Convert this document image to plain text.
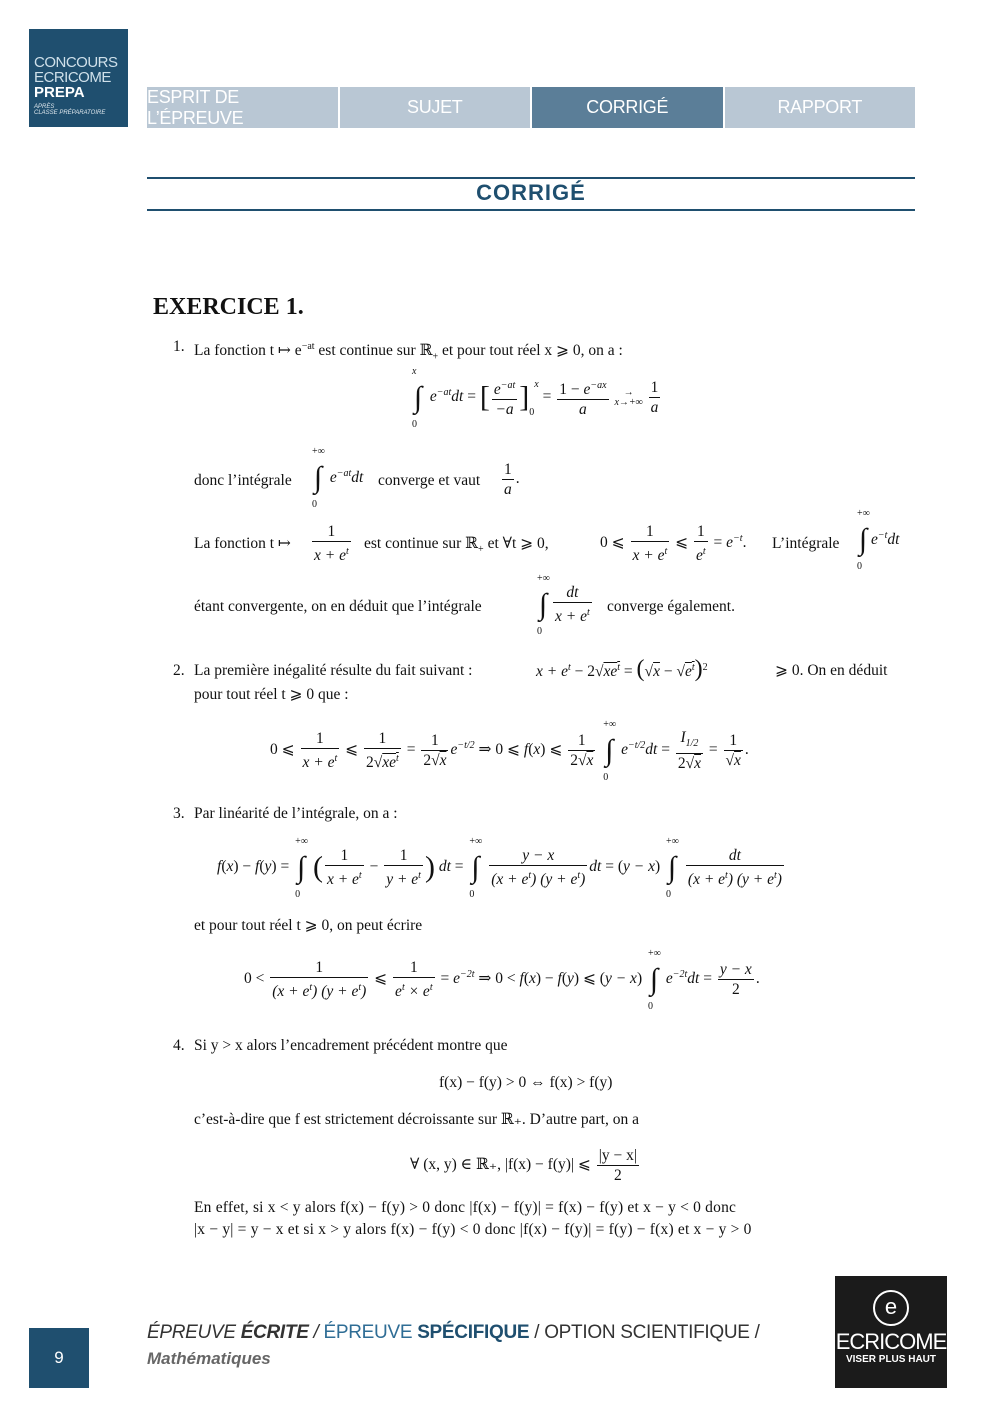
CONCOURS
ECRICOME
PREPA
APRÈS
CLASSE PRÉPARATOIRE
ESPRIT DE L’ÉPREUVE
SUJET	CORRIGÉ	RAPPORT
CORRIGÉ
EXERCICE 1.
1. La fonction t ↦ $e^{-at}$ est continue sur ℝ$_+$ et pour tout réel x ⩾ 0, on a :
x
∫
0
$e^{-at}dt$ = [ $\frac{e^{-at}}{-a} ]_0^x = \frac{1 - e^{-ax}}{a}$ →
$x\to+\infty \frac{1}{a}$
donc l’intégrale
+∞
∫
0
$e^{-at}dt$ converge et vaut $\frac{1}{a}$ .
La fonction t ↦ $\frac{1}{x + e^t}$ est continue sur ℝ$_+$ et ∀t ⩾ 0,	0 ⩽ $\frac{1}{x + e^t}$ ⩽ $\frac{1}{e^t} = e^{-t}$. L’intégrale
+∞
∫
0
$e^{-t}dt$
étant convergente, on en déduit que l’intégrale
+∞
∫
0
$\frac{dt}{x + e^t}$ converge également.
2. La première inégalité résulte du fait suivant :	$x + e^t - 2√xe^t = (√x - √e^t)^2$	⩾ 0. On en déduit
pour tout réel t ⩾ 0 que :
0 ⩽ $\frac{1}{x + e^t}$ ⩽ $\frac{1}{2√xe^t} = \frac{1}{2√x} e^{-t/2}$ ⇒ 0 ⩽ f(x) ⩽ $\frac{1}{2√x}$

+∞
∫
0
$e^{-t/2}dt = \frac{I_{1/2}}{2√x} = \frac{1}{√x}$ .
3. Par linéarité de l’intégrale, on a :
f(x) − f(y) =
+∞
∫
0
( $\frac{1}{x + e^t} - \frac{1}{y + e^t}$ ) dt =
+∞
∫
0

$\frac{y - x}{(x + e^t) (y + e^t)}$ dt = (y − x)
+∞
∫
0

$\frac{dt}{(x + e^t) (y + e^t)}$
et pour tout réel t ⩾ 0, on peut écrire
$0 < \frac{1}{(x + e^t) (y + e^t)}$ ⩽ $\frac{1}{e^t \times e^t} = e^{-2t}$ ⇒ 0 < f(x) − f(y) ⩽ (y − x)
+∞
∫
0
$e^{-2t}dt = \frac{y - x}{2}$ .
4. Si y > x alors l’encadrement précédent montre que
f(x) − f(y) > 0 ⇔ f(x) > f(y)
c’est-à-dire que f est strictement décroissante sur ℝ₊. D’autre part, on a
∀ (x, y) ∈ ℝ₊, |f(x) − f(y)| ⩽ $\frac{|y - x|}{2}$
En effet, si x < y alors f(x) − f(y) > 0 donc |f(x) − f(y)| = f(x) − f(y) et x − y < 0 donc
|x − y| = y − x et si x > y alors f(x) − f(y) < 0 donc |f(x) − f(y)| = f(y) − f(x) et x − y > 0
9
ÉPREUVE ÉCRITE / ÉPREUVE SPÉCIFIQUE / OPTION SCIENTIFIQUE /
Mathématiques
e
ECRICOME
VISER PLUS HAUT
